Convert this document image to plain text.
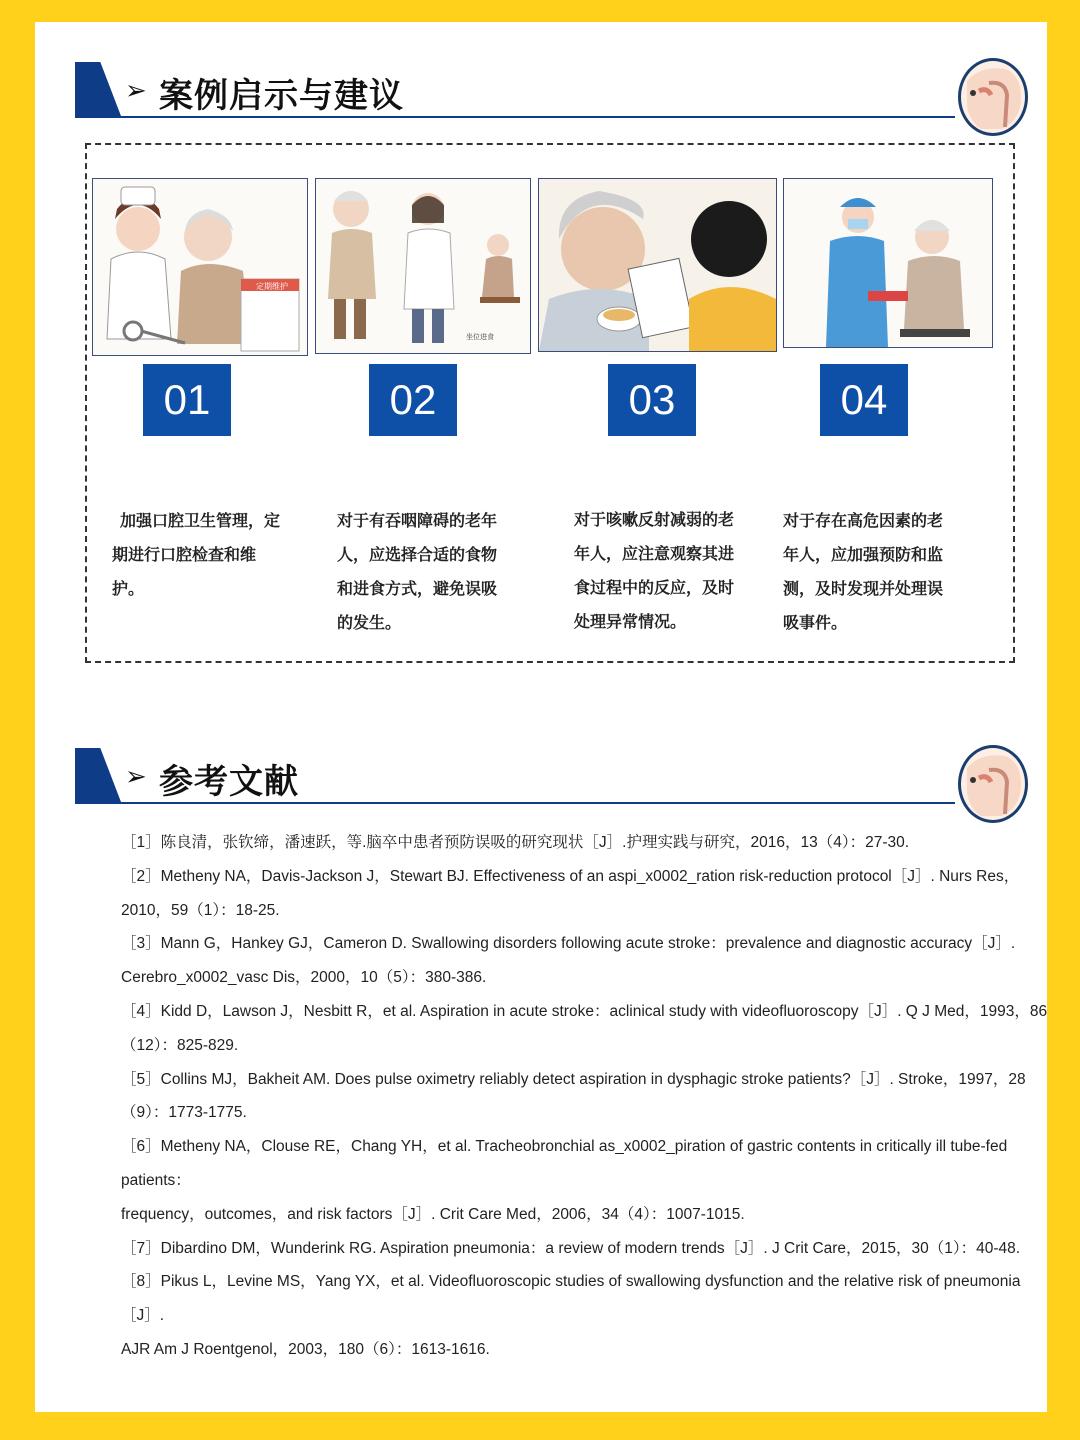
➢ 案例启示与建议
定期维护
01
加强口腔卫生管理，定
期进行口腔检查和维护。
坐位进食
02
对于有吞咽障碍的老年
人，应选择合适的食物
和进食方式，避免误吸
的发生。
03
对于咳嗽反射减弱的老
年人，应注意观察其进
食过程中的反应，及时
处理异常情况。
04
对于存在高危因素的老
年人，应加强预防和监
测，及时发现并处理误
吸事件。
➢ 参考文献
［1］陈良清，张钦缔，潘速跃，等.脑卒中患者预防误吸的研究现状［J］.护理实践与研究，2016，13（4）：27-30.
［2］Metheny NA，Davis-Jackson J，Stewart BJ. Effectiveness of an aspi_x0002_ration risk-reduction protocol［J］. Nurs Res，
2010，59（1）：18-25.
［3］Mann G，Hankey GJ，Cameron D. Swallowing disorders following acute stroke：prevalence and diagnostic accuracy［J］.
Cerebro_x0002_vasc Dis，2000，10（5）：380-386.
［4］Kidd D，Lawson J，Nesbitt R，et al. Aspiration in acute stroke：aclinical study with videofluoroscopy［J］. Q J Med，1993，86
（12）：825-829.
［5］Collins MJ，Bakheit AM. Does pulse oximetry reliably detect aspiration in dysphagic stroke patients?［J］. Stroke，1997，28
（9）：1773-1775.
［6］Metheny NA，Clouse RE，Chang YH，et al. Tracheobronchial as_x0002_piration of gastric contents in critically ill tube-fed
patients：
frequency，outcomes，and risk factors［J］. Crit Care Med，2006，34（4）：1007-1015.
［7］Dibardino DM，Wunderink RG. Aspiration pneumonia：a review of modern trends［J］. J Crit Care，2015，30（1）：40-48.
［8］Pikus L，Levine MS，Yang YX，et al. Videofluoroscopic studies of swallowing dysfunction and the relative risk of pneumonia
［J］.
AJR Am J Roentgenol，2003，180（6）：1613-1616.
